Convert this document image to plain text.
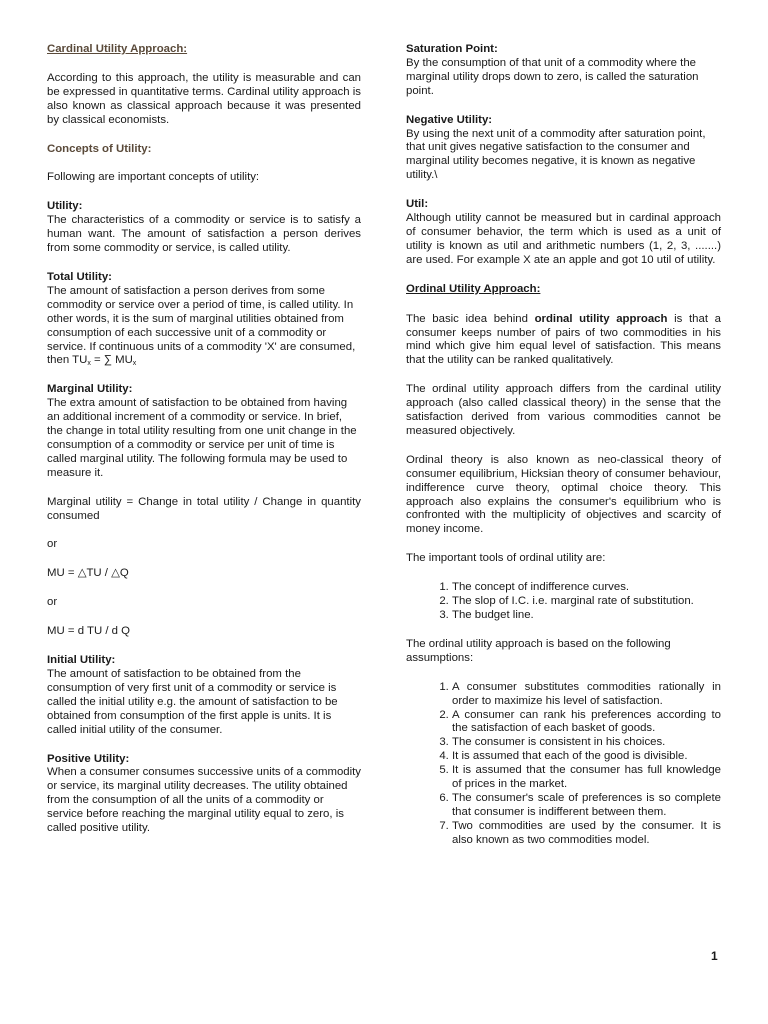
Cardinal Utility Approach:

According to this approach, the utility is measurable and can be expressed in quantitative terms. Cardinal utility approach is also known as classical approach because it was presented by classical economists.

Concepts of Utility:

Following are important concepts of utility:

Utility:

The characteristics of a commodity or service is to satisfy a human want. The amount of satisfaction a person derives from some commodity or service, is called utility.

Total Utility:

The amount of satisfaction a person derives from some commodity or service over a period of time, is called utility. In other words, it is the sum of marginal utilities obtained from consumption of each successive unit of a commodity or service. If continuous units of a commodity 'X' are consumed, then $TU_x$ = ∑ $MU_x$

Marginal Utility:

The extra amount of satisfaction to be obtained from having an additional increment of a commodity or service. In brief, the change in total utility resulting from one unit change in the consumption of a commodity or service per unit of time is called marginal utility. The following formula may be used to measure it.

Marginal utility = Change in total utility / Change in quantity consumed

or

MU = △TU / △Q

or

MU = d TU / d Q

Initial Utility:

The amount of satisfaction to be obtained from the consumption of very first unit of a commodity or service is called the initial utility e.g. the amount of satisfaction to be obtained from consumption of the first apple is units. It is called initial utility of the consumer.

Positive Utility:

When a consumer consumes successive units of a commodity or service, its marginal utility decreases. The utility obtained from the consumption of all the units of a commodity or service before reaching the marginal utility equal to zero, is called positive utility.

Saturation Point:

By the consumption of that unit of a commodity where the marginal utility drops down to zero, is called the saturation point.

Negative Utility:

By using the next unit of a commodity after saturation point, that unit gives negative satisfaction to the consumer and marginal utility becomes negative, it is known as negative utility.\

Util:

Although utility cannot be measured but in cardinal approach of consumer behavior, the term which is used as a unit of utility is known as util and arithmetic numbers (1, 2, 3, .......) are used. For example X ate an apple and got 10 util of utility.

Ordinal Utility Approach:

The basic idea behind ordinal utility approach is that a consumer keeps number of pairs of two commodities in his mind which give him equal level of satisfaction. This means that the utility can be ranked qualitatively.

The ordinal utility approach differs from the cardinal utility approach (also called classical theory) in the sense that the satisfaction derived from various commodities cannot be measured objectively.

Ordinal theory is also known as neo-classical theory of consumer equilibrium, Hicksian theory of consumer behaviour, indifference curve theory, optimal choice theory. This approach also explains the consumer's equilibrium who is confronted with the multiplicity of objectives and scarcity of money income.

The important tools of ordinal utility are:

1. The concept of indifference curves.
2. The slop of I.C. i.e. marginal rate of substitution.
3. The budget line.

The ordinal utility approach is based on the following assumptions:

1. A consumer substitutes commodities rationally in order to maximize his level of satisfaction.
2. A consumer can rank his preferences according to the satisfaction of each basket of goods.
3. The consumer is consistent in his choices.
4. It is assumed that each of the good is divisible.
5. It is assumed that the consumer has full knowledge of prices in the market.
6. The consumer's scale of preferences is so complete that consumer is indifferent between them.
7. Two commodities are used by the consumer. It is also known as two commodities model.
1
